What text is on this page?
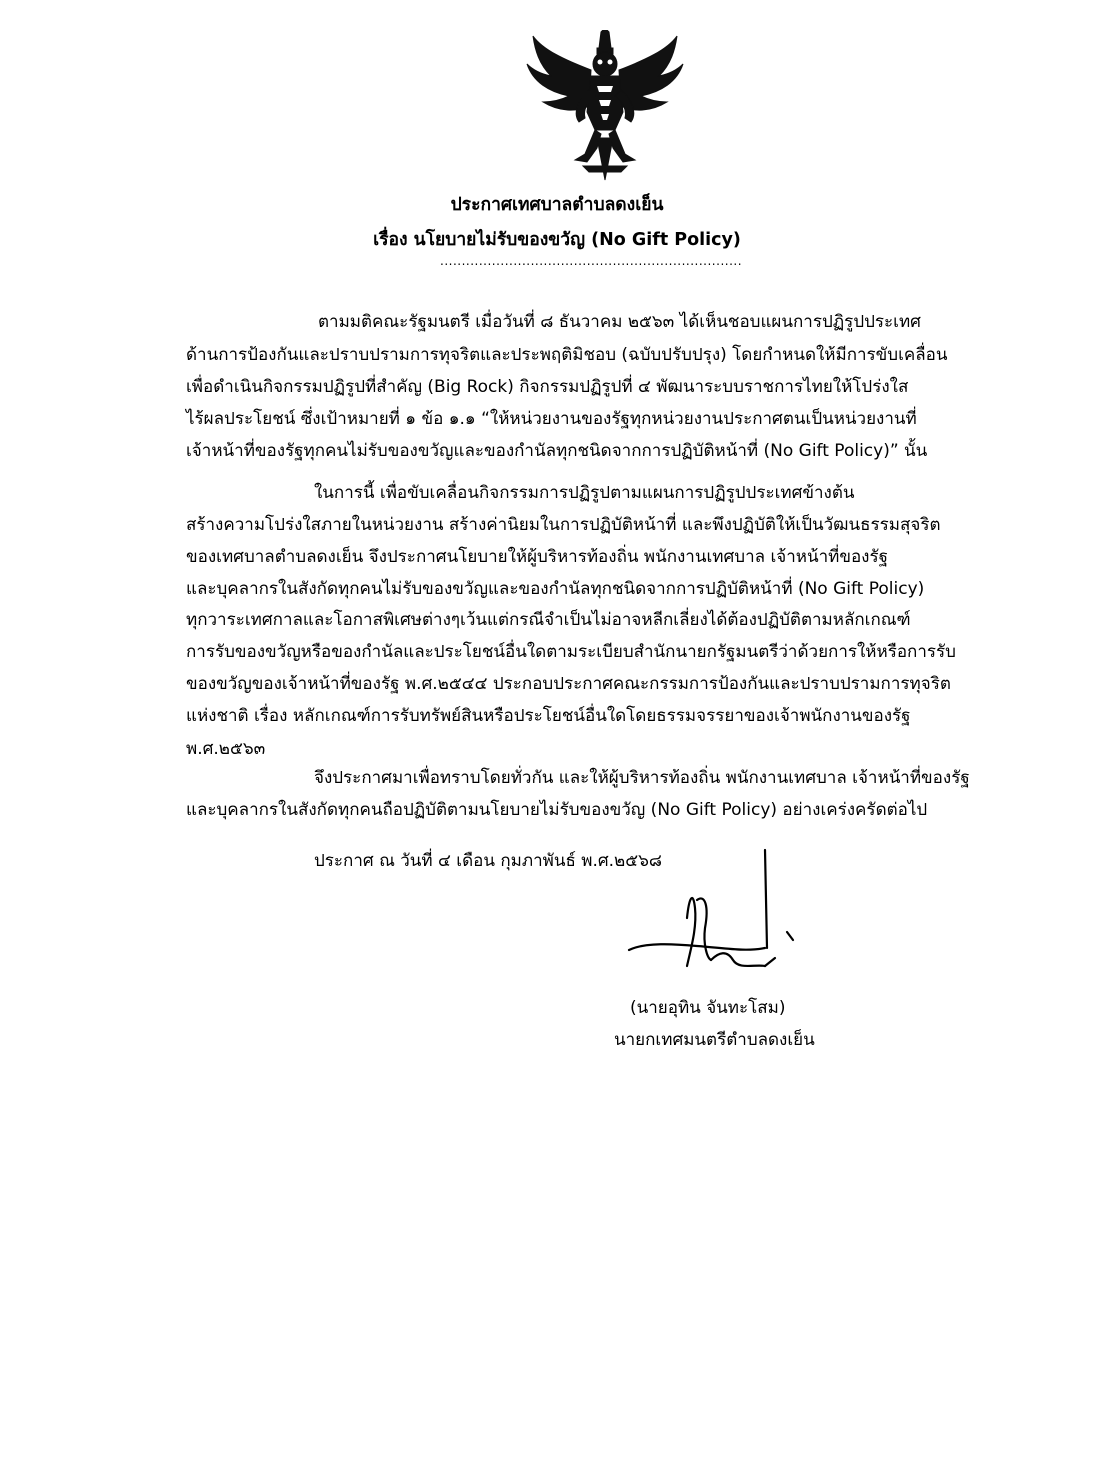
ประกาศเทศบาลตำบลดงเย็น
เรื่อง นโยบายไม่รับของขวัญ (No Gift Policy)
......................................................................
ตามมติคณะรัฐมนตรี เมื่อวันที่ ๘ ธันวาคม ๒๕๖๓ ได้เห็นชอบแผนการปฏิรูปประเทศ
ด้านการป้องกันและปราบปรามการทุจริตและประพฤติมิชอบ (ฉบับปรับปรุง) โดยกำหนดให้มีการขับเคลื่อน
เพื่อดำเนินกิจกรรมปฏิรูปที่สำคัญ (Big Rock) กิจกรรมปฏิรูปที่ ๔ พัฒนาระบบราชการไทยให้โปร่งใส
ไร้ผลประโยชน์ ซึ่งเป้าหมายที่ ๑ ข้อ ๑.๑ “ให้หน่วยงานของรัฐทุกหน่วยงานประกาศตนเป็นหน่วยงานที่
เจ้าหน้าที่ของรัฐทุกคนไม่รับของขวัญและของกำนัลทุกชนิดจากการปฏิบัติหน้าที่ (No Gift Policy)” นั้น
ในการนี้ เพื่อขับเคลื่อนกิจกรรมการปฏิรูปตามแผนการปฏิรูปประเทศข้างต้น
สร้างความโปร่งใสภายในหน่วยงาน สร้างค่านิยมในการปฏิบัติหน้าที่ และพึงปฏิบัติให้เป็นวัฒนธรรมสุจริต
ของเทศบาลตำบลดงเย็น จึงประกาศนโยบายให้ผู้บริหารท้องถิ่น พนักงานเทศบาล เจ้าหน้าที่ของรัฐ
และบุคลากรในสังกัดทุกคนไม่รับของขวัญและของกำนัลทุกชนิดจากการปฏิบัติหน้าที่ (No Gift Policy)
ทุกวาระเทศกาลและโอกาสพิเศษต่างๆเว้นแต่กรณีจำเป็นไม่อาจหลีกเลี่ยงได้ต้องปฏิบัติตามหลักเกณฑ์
การรับของขวัญหรือของกำนัลและประโยชน์อื่นใดตามระเบียบสำนักนายกรัฐมนตรีว่าด้วยการให้หรือการรับ
ของขวัญของเจ้าหน้าที่ของรัฐ พ.ศ.๒๕๔๔ ประกอบประกาศคณะกรรมการป้องกันและปราบปรามการทุจริต
แห่งชาติ เรื่อง หลักเกณฑ์การรับทรัพย์สินหรือประโยชน์อื่นใดโดยธรรมจรรยาของเจ้าพนักงานของรัฐ
พ.ศ.๒๕๖๓
จึงประกาศมาเพื่อทราบโดยทั่วกัน และให้ผู้บริหารท้องถิ่น พนักงานเทศบาล เจ้าหน้าที่ของรัฐ
และบุคลากรในสังกัดทุกคนถือปฏิบัติตามนโยบายไม่รับของขวัญ (No Gift Policy) อย่างเคร่งครัดต่อไป
ประกาศ ณ วันที่ ๔ เดือน กุมภาพันธ์ พ.ศ.๒๕๖๘
(นายอุทิน จันทะโสม)
นายกเทศมนตรีตำบลดงเย็น
